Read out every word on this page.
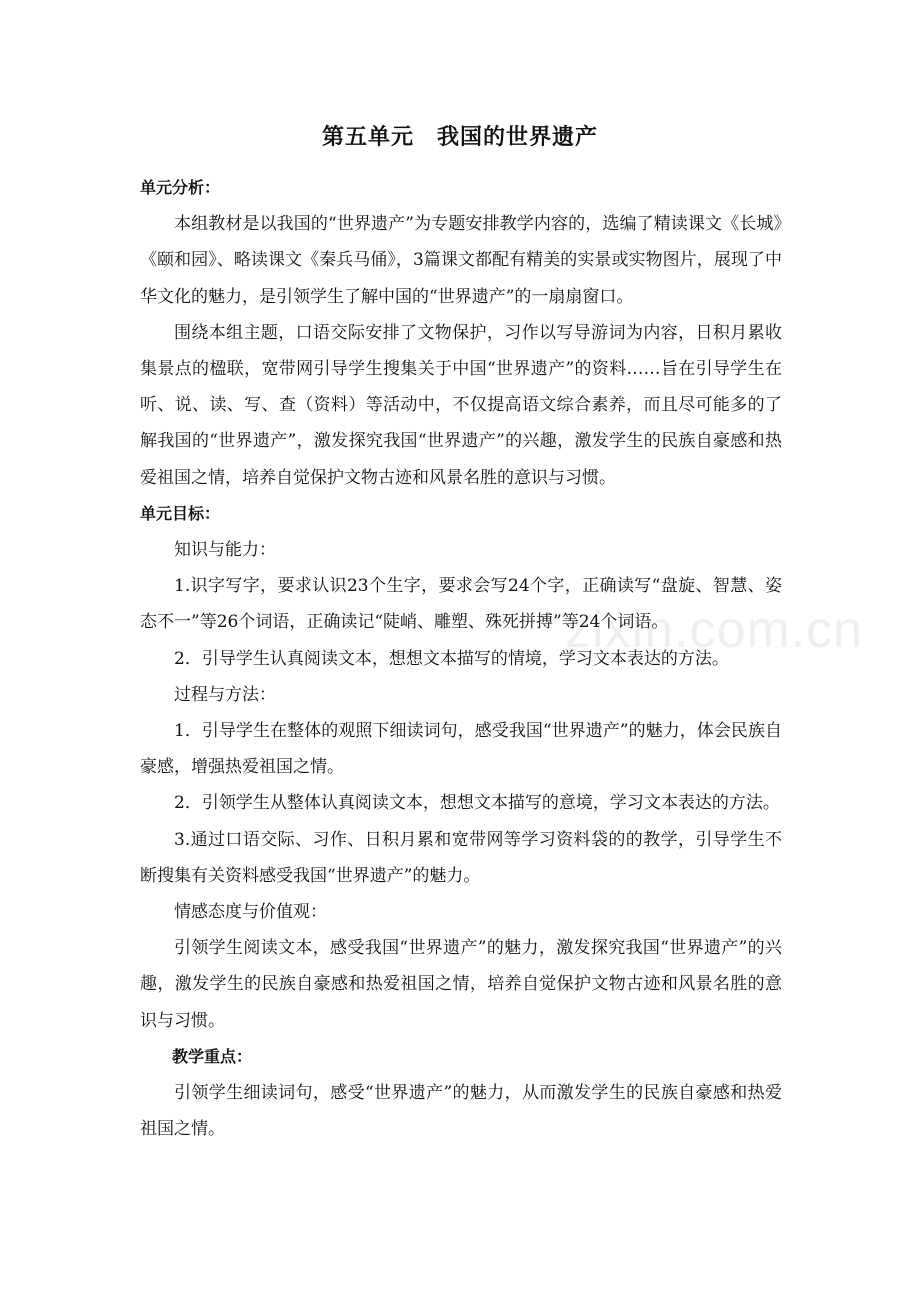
zixin.com.cn
第五单元　我国的世界遗产

单元分析：

本组教材是以我国的“世界遗产”为专题安排教学内容的，选编了精读课文《长城》《颐和园》、略读课文《秦兵马俑》，3篇课文都配有精美的实景或实物图片，展现了中华文化的魅力，是引领学生了解中国的“世界遗产”的一扇扇窗口。

围绕本组主题，口语交际安排了文物保护，习作以写导游词为内容，日积月累收集景点的楹联，宽带网引导学生搜集关于中国“世界遗产”的资料……旨在引导学生在听、说、读、写、查（资料）等活动中，不仅提高语文综合素养，而且尽可能多的了解我国的“世界遗产”，激发探究我国“世界遗产”的兴趣，激发学生的民族自豪感和热爱祖国之情，培养自觉保护文物古迹和风景名胜的意识与习惯。

单元目标：

知识与能力：

1.识字写字，要求认识23个生字，要求会写24个字，正确读写“盘旋、智慧、姿态不一”等26个词语，正确读记“陡峭、雕塑、殊死拼搏”等24个词语。

2．引导学生认真阅读文本，想想文本描写的情境，学习文本表达的方法。

过程与方法：

1．引导学生在整体的观照下细读词句，感受我国“世界遗产”的魅力，体会民族自豪感，增强热爱祖国之情。

2．引领学生从整体认真阅读文本，想想文本描写的意境，学习文本表达的方法。

3.通过口语交际、习作、日积月累和宽带网等学习资料袋的的教学，引导学生不断搜集有关资料感受我国“世界遗产”的魅力。

情感态度与价值观：

引领学生阅读文本，感受我国“世界遗产”的魅力，激发探究我国“世界遗产”的兴趣，激发学生的民族自豪感和热爱祖国之情，培养自觉保护文物古迹和风景名胜的意识与习惯。

教学重点：

引领学生细读词句，感受“世界遗产”的魅力，从而激发学生的民族自豪感和热爱祖国之情。
